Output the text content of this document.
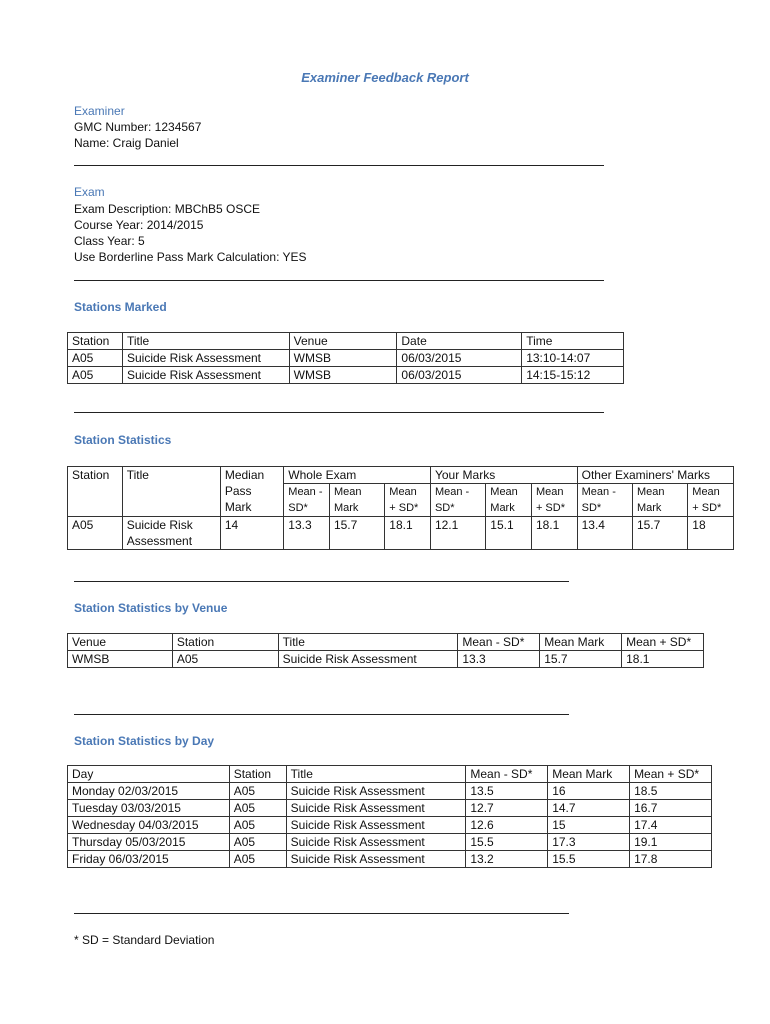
Examiner Feedback Report
Examiner
GMC Number: 1234567
Name: Craig Daniel
Exam
Exam Description: MBChB5 OSCE
Course Year: 2014/2015
Class Year: 5
Use Borderline Pass Mark Calculation: YES
Stations Marked
Station	Title	Venue	Date	Time
A05	Suicide Risk Assessment	WMSB	06/03/2015	13:10-14:07
A05	Suicide Risk Assessment	WMSB	06/03/2015	14:15-15:12
Station Statistics
Station	Title	Median Pass Mark	Whole Exam			Your Marks			Other Examiners' Marks		
			Mean - SD*	Mean Mark	Mean + SD*	Mean - SD*	Mean Mark	Mean + SD*	Mean - SD*	Mean Mark	Mean + SD*
A05	Suicide Risk Assessment	14	13.3	15.7	18.1	12.1	15.1	18.1	13.4	15.7	18
Station Statistics by Venue
Venue	Station	Title	Mean - SD*	Mean Mark	Mean + SD*
WMSB	A05	Suicide Risk Assessment	13.3	15.7	18.1
Station Statistics by Day
Day	Station	Title	Mean - SD*	Mean Mark	Mean + SD*
Monday 02/03/2015	A05	Suicide Risk Assessment	13.5	16	18.5
Tuesday 03/03/2015	A05	Suicide Risk Assessment	12.7	14.7	16.7
Wednesday 04/03/2015	A05	Suicide Risk Assessment	12.6	15	17.4
Thursday 05/03/2015	A05	Suicide Risk Assessment	15.5	17.3	19.1
Friday 06/03/2015	A05	Suicide Risk Assessment	13.2	15.5	17.8
* SD = Standard Deviation
